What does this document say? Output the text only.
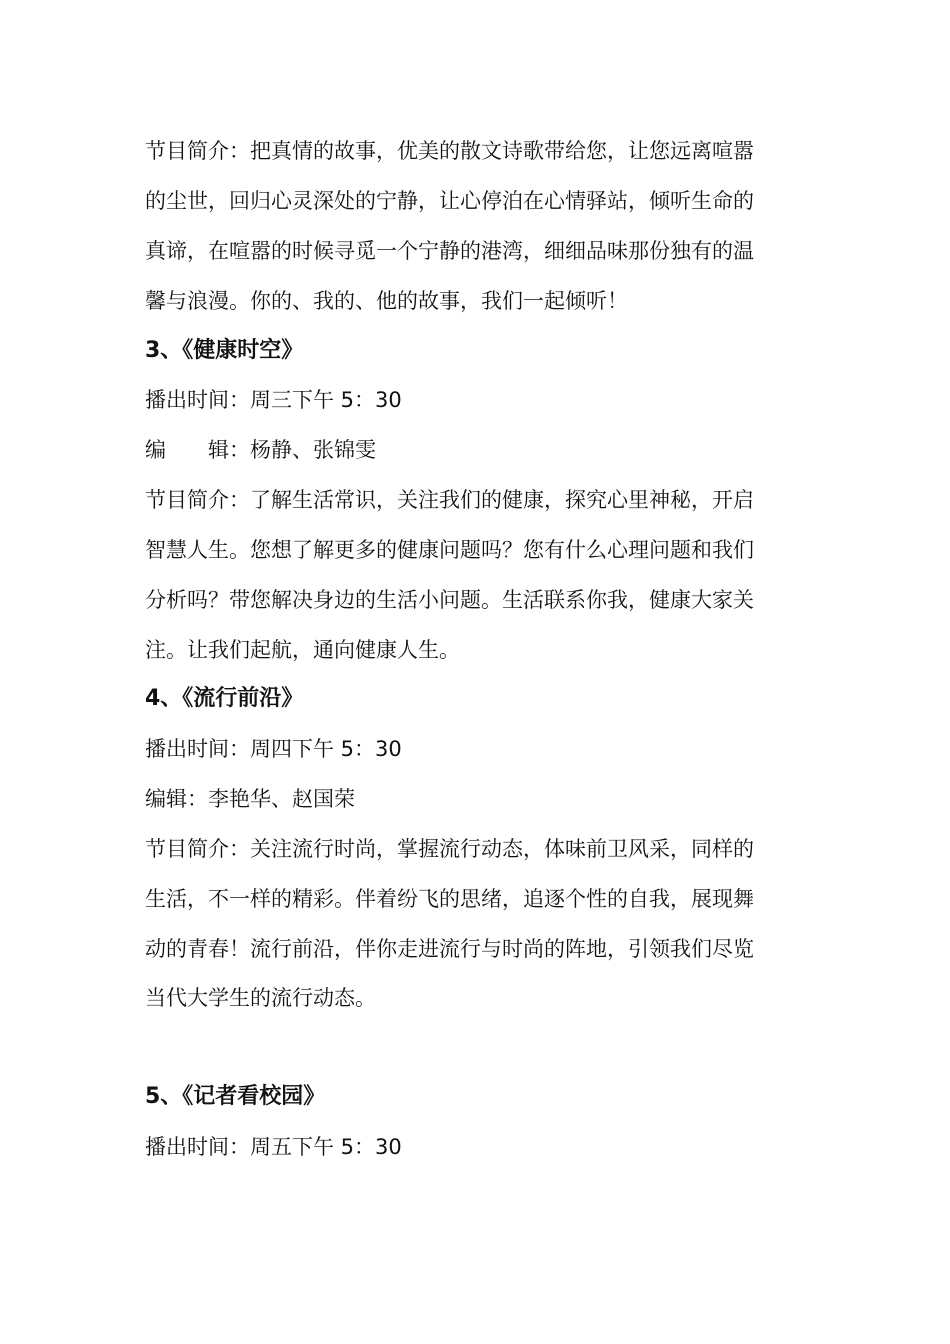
节目简介：把真情的故事，优美的散文诗歌带给您，让您远离喧嚣
的尘世，回归心灵深处的宁静，让心停泊在心情驿站，倾听生命的
真谛，在喧嚣的时候寻觅一个宁静的港湾，细细品味那份独有的温
馨与浪漫。你的、我的、他的故事，我们一起倾听！
3、《健康时空》
播出时间：周三下午 5：30
编 辑：杨静、张锦雯
节目简介：了解生活常识，关注我们的健康，探究心里神秘，开启
智慧人生。您想了解更多的健康问题吗？您有什么心理问题和我们
分析吗？带您解决身边的生活小问题。生活联系你我，健康大家关
注。让我们起航，通向健康人生。
4、《流行前沿》
播出时间：周四下午 5：30
编辑：李艳华、赵国荣
节目简介：关注流行时尚，掌握流行动态，体味前卫风采，同样的
生活，不一样的精彩。伴着纷飞的思绪，追逐个性的自我，展现舞
动的青春！流行前沿，伴你走进流行与时尚的阵地，引领我们尽览
当代大学生的流行动态。
5、《记者看校园》
播出时间：周五下午 5：30
